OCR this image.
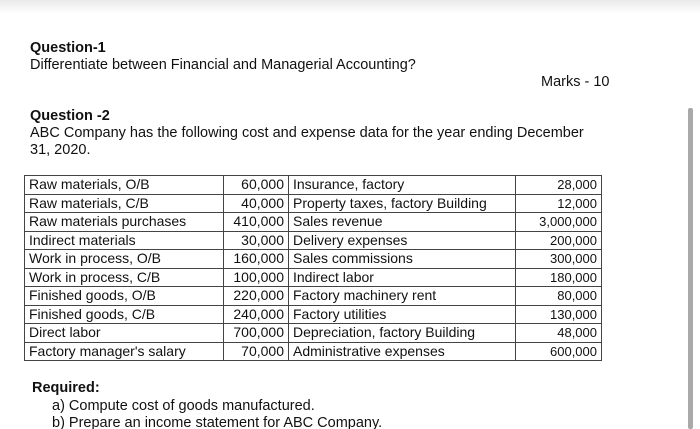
Question-1
Differentiate between Financial and Managerial Accounting?
Marks - 10
Question -2
ABC Company has the following cost and expense data for the year ending December
31, 2020.
Raw materials, O/B	60,000	Insurance, factory	28,000
Raw materials, C/B	40,000	Property taxes, factory Building	12,000
Raw materials purchases	410,000	Sales revenue	3,000,000
Indirect materials	30,000	Delivery expenses	200,000
Work in process, O/B	160,000	Sales commissions	300,000
Work in process, C/B	100,000	Indirect labor	180,000
Finished goods, O/B	220,000	Factory machinery rent	80,000
Finished goods, C/B	240,000	Factory utilities	130,000
Direct labor	700,000	Depreciation, factory Building	48,000
Factory manager's salary	70,000	Administrative expenses	600,000
Required:
a) Compute cost of goods manufactured.
b) Prepare an income statement for ABC Company.
